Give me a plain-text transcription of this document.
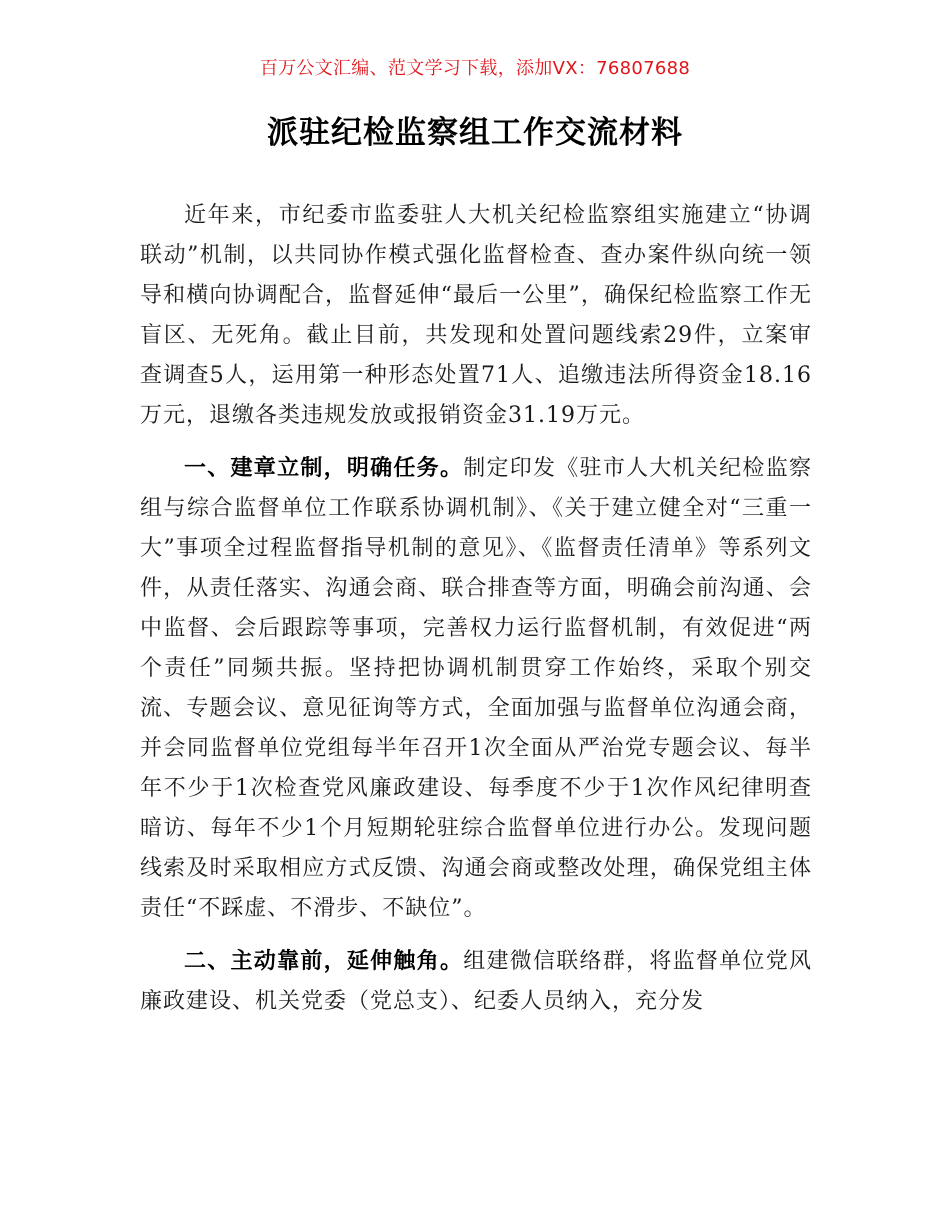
百万公文汇编、范文学习下载，添加VX：76807688
派驻纪检监察组工作交流材料

近年来，市纪委市监委驻人大机关纪检监察组实施建立“协调联动”机制，以共同协作模式强化监督检查、查办案件纵向统一领导和横向协调配合，监督延伸“最后一公里”，确保纪检监察工作无盲区、无死角。截止目前，共发现和处置问题线索29件，立案审查调查5人，运用第一种形态处置71人、追缴违法所得资金18.16万元，退缴各类违规发放或报销资金31.19万元。

一、建章立制，明确任务。制定印发《驻市人大机关纪检监察组与综合监督单位工作联系协调机制》、《关于建立健全对“三重一大”事项全过程监督指导机制的意见》、《监督责任清单》等系列文件，从责任落实、沟通会商、联合排查等方面，明确会前沟通、会中监督、会后跟踪等事项，完善权力运行监督机制，有效促进“两个责任”同频共振。坚持把协调机制贯穿工作始终，采取个别交流、专题会议、意见征询等方式，全面加强与监督单位沟通会商，并会同监督单位党组每半年召开1次全面从严治党专题会议、每半年不少于1次检查党风廉政建设、每季度不少于1次作风纪律明查暗访、每年不少1个月短期轮驻综合监督单位进行办公。发现问题线索及时采取相应方式反馈、沟通会商或整改处理，确保党组主体责任“不踩虚、不滑步、不缺位”。

二、主动靠前，延伸触角。组建微信联络群，将监督单位党风廉政建设、机关党委（党总支）、纪委人员纳入，充分发
